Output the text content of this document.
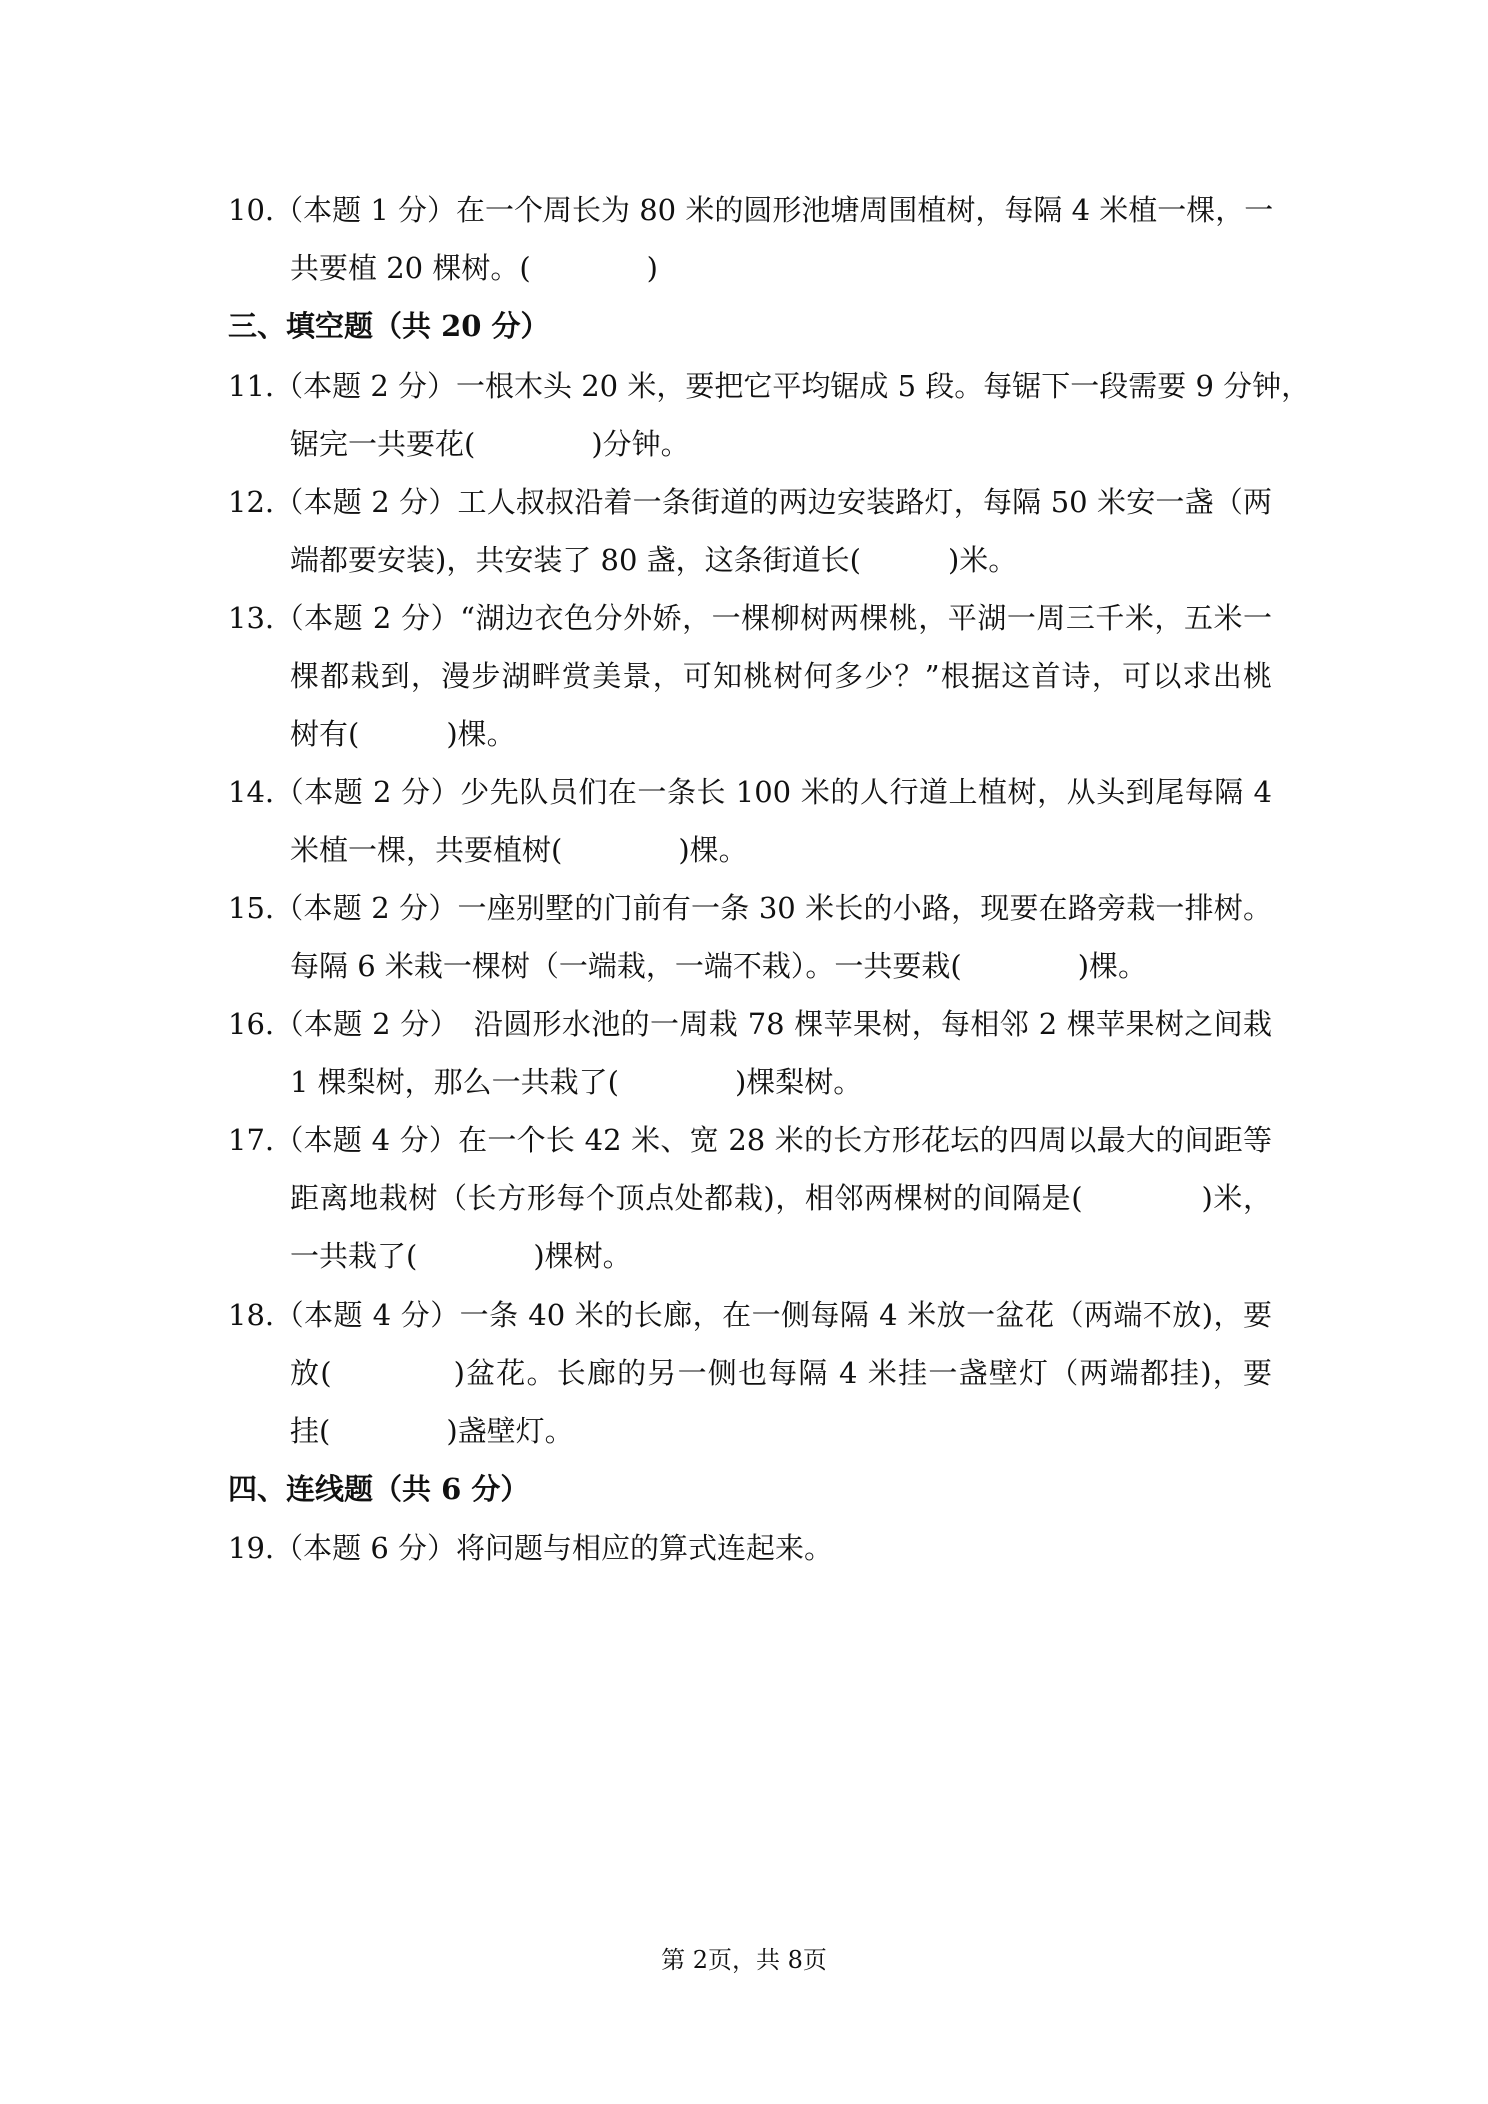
10.（本题 1 分）在一个周长为 80 米的圆形池塘周围植树，每隔 4 米植一棵，一
共要植 20 棵树。(　　　　)
三、填空题（共 20 分）
11.（本题 2 分）一根木头 20 米，要把它平均锯成 5 段。每锯下一段需要 9 分钟，
锯完一共要花(　　　　)分钟。
12.（本题 2 分）工人叔叔沿着一条街道的两边安装路灯，每隔 50 米安一盏（两
端都要安装)，共安装了 80 盏，这条街道长(　　　)米。
13.（本题 2 分）“湖边衣色分外娇，一棵柳树两棵桃，平湖一周三千米，五米一
棵都栽到，漫步湖畔赏美景，可知桃树何多少？”根据这首诗，可以求出桃
树有(　　　)棵。
14.（本题 2 分）少先队员们在一条长 100 米的人行道上植树，从头到尾每隔 4
米植一棵，共要植树(　　　　)棵。
15.（本题 2 分）一座别墅的门前有一条 30 米长的小路，现要在路旁栽一排树。
每隔 6 米栽一棵树（一端栽，一端不栽）。一共要栽(　　　　)棵。
16.（本题 2 分）　沿圆形水池的一周栽 78 棵苹果树，每相邻 2 棵苹果树之间栽
1 棵梨树，那么一共栽了(　　　　)棵梨树。
17.（本题 4 分）在一个长 42 米、宽 28 米的长方形花坛的四周以最大的间距等
距离地栽树（长方形每个顶点处都栽)，相邻两棵树的间隔是(　　　　)米，
一共栽了(　　　　)棵树。
18.（本题 4 分）一条 40 米的长廊，在一侧每隔 4 米放一盆花（两端不放)，要
放(　　　　)盆花。长廊的另一侧也每隔 4 米挂一盏壁灯（两端都挂)，要
挂(　　　　)盏壁灯。
四、连线题（共 6 分）
19.（本题 6 分）将问题与相应的算式连起来。
第 2页，共 8页
